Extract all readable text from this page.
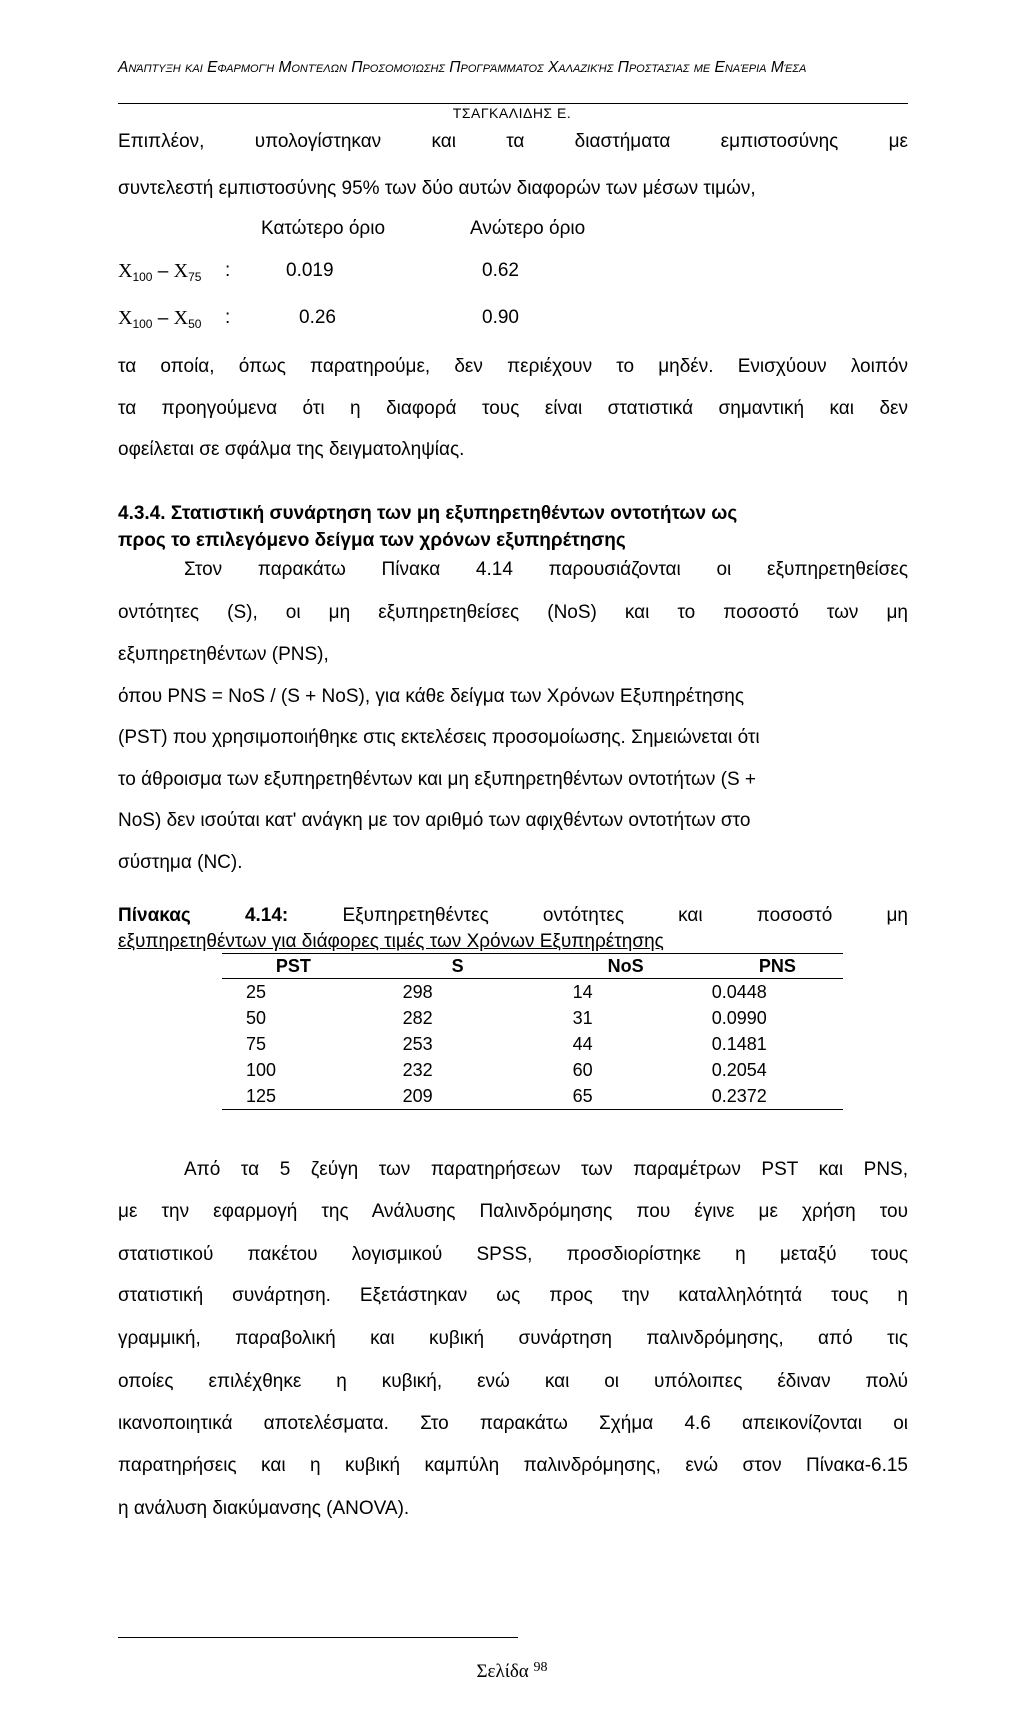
Ανάπτυξη και Εφαρμογή Μοντέλων Προσομοίωσης Προγράμματος Χαλαζικής Προστασίας με Εναέρια Μέσα
ΤΣΑΓΚΑΛΙΔΗΣ Ε.
Επιπλέον, υπολογίστηκαν και τα διαστήματα εμπιστοσύνης με
συντελεστή εμπιστοσύνης 95% των δύο αυτών διαφορών των μέσων τιμών,
Κατώτερο όριο	Ανώτερο όριο
$X_{100} - X_{75}$ :	0.019	0.62
$X_{100} - X_{50}$ :	0.26	0.90
τα οποία, όπως παρατηρούμε, δεν περιέχουν το μηδέν. Ενισχύουν λοιπόν
τα προηγούμενα ότι η διαφορά τους είναι στατιστικά σημαντική και δεν
οφείλεται σε σφάλμα της δειγματοληψίας.
4.3.4. Στατιστική συνάρτηση των μη εξυπηρετηθέντων οντοτήτων ως
προς το επιλεγόμενο δείγμα των χρόνων εξυπηρέτησης
Στον παρακάτω Πίνακα 4.14 παρουσιάζονται οι εξυπηρετηθείσες
οντότητες (S), οι μη εξυπηρετηθείσες (NoS) και το ποσοστό των μη
εξυπηρετηθέντων (PNS),
όπου PNS = NoS / (S + NoS), για κάθε δείγμα των Χρόνων Εξυπηρέτησης
(PST) που χρησιμοποιήθηκε στις εκτελέσεις προσομοίωσης. Σημειώνεται ότι
το άθροισμα των εξυπηρετηθέντων και μη εξυπηρετηθέντων οντοτήτων (S +
NoS) δεν ισούται κατ' ανάγκη με τον αριθμό των αφιχθέντων οντοτήτων στο
σύστημα (NC).
Πίνακας 4.14:	Εξυπηρετηθέντες οντότητες και ποσοστό μη
εξυπηρετηθέντων για διάφορες τιμές των Χρόνων Εξυπηρέτησης
PST	S	NoS	PNS
25	298	14	0.0448
50	282	31	0.0990
75	253	44	0.1481
100	232	60	0.2054
125	209	65	0.2372
Από τα 5 ζεύγη των παρατηρήσεων των παραμέτρων PST και PNS,
με την εφαρμογή της Ανάλυσης Παλινδρόμησης που έγινε με χρήση του
στατιστικού πακέτου λογισμικού SPSS, προσδιορίστηκε η μεταξύ τους
στατιστική συνάρτηση. Εξετάστηκαν ως προς την καταλληλότητά τους η
γραμμική, παραβολική και κυβική συνάρτηση παλινδρόμησης, από τις
οποίες επιλέχθηκε η κυβική, ενώ και οι υπόλοιπες έδιναν πολύ
ικανοποιητικά αποτελέσματα. Στο παρακάτω Σχήμα 4.6 απεικονίζονται οι
παρατηρήσεις και η κυβική καμπύλη παλινδρόμησης, ενώ στον Πίνακα-6.15
η ανάλυση διακύμανσης (ANOVA).
Σελίδα $^{98}$
